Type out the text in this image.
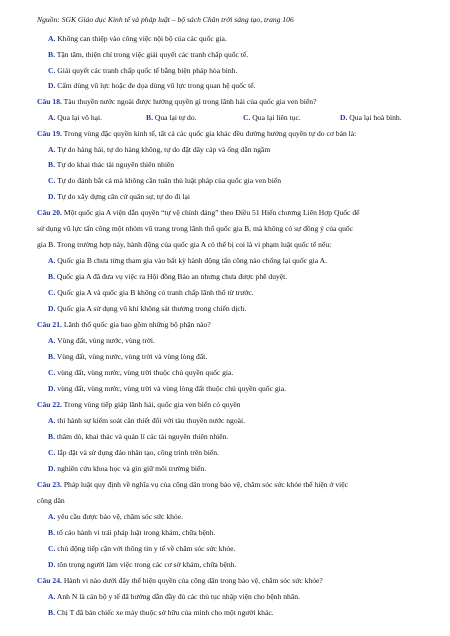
Nguồn: SGK Giáo dục Kinh tế và pháp luật – bộ sách Chân trời sáng tạo, trang 106
A. Không can thiệp vào công việc nội bộ của các quốc gia.
B. Tận tâm, thiện chí trong việc giải quyết các tranh chấp quốc tế.
C. Giải quyết các tranh chấp quốc tế bằng biện pháp hòa bình.
D. Cấm dùng vũ lực hoặc đe dọa dùng vũ lực trong quan hệ quốc tế.
Câu 18. Tàu thuyền nước ngoài được hưởng quyền gì trong lãnh hải của quốc gia ven biển?
A. Qua lại vô hại.	B. Qua lại tự do.	C. Qua lại liên tục.	D. Qua lại hoà bình.
Câu 19. Trong vùng đặc quyền kinh tế, tất cả các quốc gia khác đều đường hưởng quyền tự do cơ bản là:
A. Tự do hàng hải, tự do hàng không, tự do đặt dây cáp và ống dẫn ngầm
B. Tự do khai thác tài nguyên thiên nhiên
C. Tự do đánh bắt cá mà không cần tuân thủ luật pháp của quốc gia ven biển
D. Tự do xây dựng căn cứ quân sự, tự do đi lại
Câu 20. Một quốc gia A viện dẫn quyền “tự vệ chính đáng” theo Điều 51 Hiến chương Liên Hợp Quốc để
sử dụng vũ lực tấn công một nhóm vũ trang trong lãnh thổ quốc gia B, mà không có sự đồng ý của quốc
gia B. Trong trường hợp này, hành động của quốc gia A có thể bị coi là vi phạm luật quốc tế nếu:
A. Quốc gia B chưa từng tham gia vào bất kỳ hành động tấn công nào chống lại quốc gia A.
B. Quốc gia A đã đưa vụ việc ra Hội đồng Bảo an nhưng chưa được phê duyệt.
C. Quốc gia A và quốc gia B không có tranh chấp lãnh thổ từ trước.
D. Quốc gia A sử dụng vũ khí không sát thương trong chiến dịch.
Câu 21. Lãnh thổ quốc gia bao gồm những bộ phận nào?
A. Vùng đất, vùng nước, vùng trời.
B. Vùng đất, vùng nước, vùng trời và vùng lòng đất.
C. vùng đất, vùng nước, vùng trời thuộc chủ quyền quốc gia.
D. vùng đất, vùng nước, vùng trời và vùng lòng đất thuộc chủ quyền quốc gia.
Câu 22. Trong vùng tiếp giáp lãnh hải, quốc gia ven biển có quyền
A. thi hành sự kiểm soát cần thiết đối với tàu thuyền nước ngoài.
B. thăm dò, khai thác và quản lí các tài nguyên thiên nhiên.
C. lắp đặt và sử dụng đảo nhân tạo, công trình trên biển.
D. nghiên cứu khoa học và gìn giữ môi trường biển.
Câu 23. Pháp luật quy định về nghĩa vụ của công dân trong bảo vệ, chăm sóc sức khỏe thể hiện ở việc
công dân
A. yêu cầu được bảo vệ, chăm sóc sức khỏe.
B. tố cáo hành vi trái pháp luật trong khám, chữa bệnh.
C. chủ động tiếp cận với thông tin y tế về chăm sóc sức khỏe.
D. tôn trọng người làm việc trong các cơ sở khám, chữa bệnh.
Câu 24. Hành vi nào dưới đây thể hiện quyền của công dân trong bảo vệ, chăm sóc sức khỏe?
A. Anh N là cán bộ y tế đã hướng dẫn đầy đủ các thủ tục nhập viện cho bệnh nhân.
B. Chị T đã bán chiếc xe máy thuộc sở hữu của mình cho một người khác.
